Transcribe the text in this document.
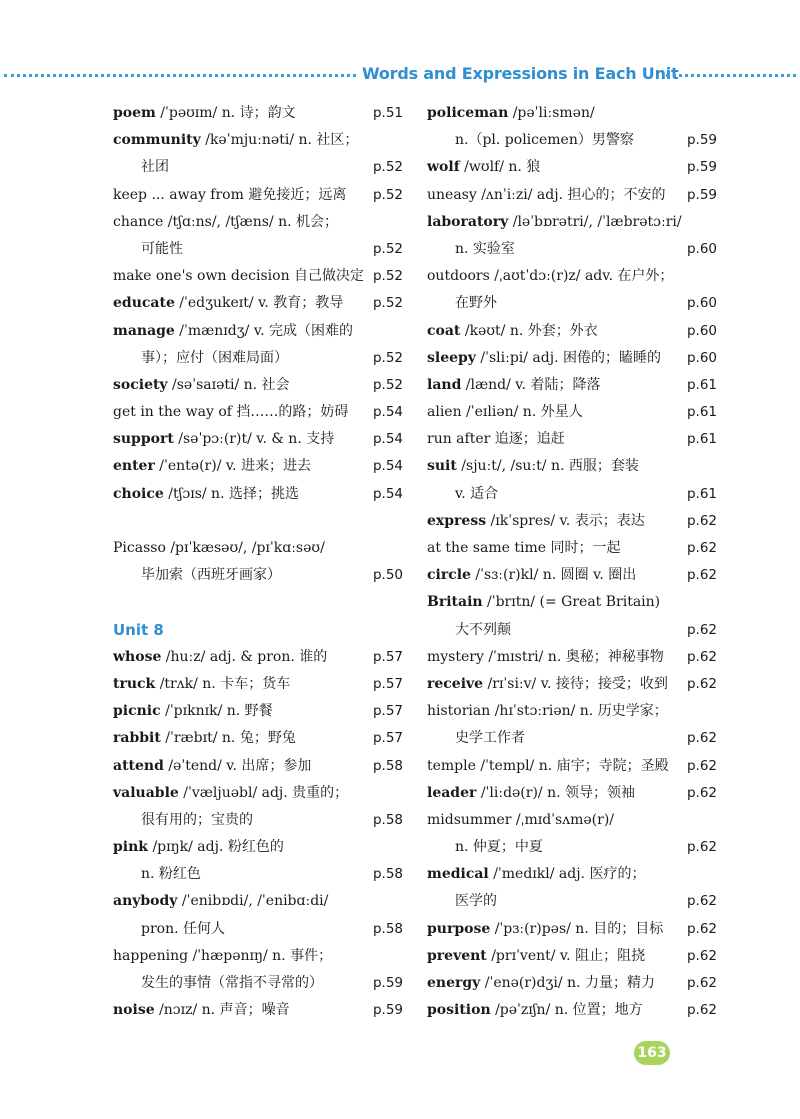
Words and Expressions in Each Unit
poem /ˈpəʊɪm/ n. 诗；韵文	p.51
community /kəˈmjuːnəti/ n. 社区；
社团	p.52
keep ... away from 避免接近；远离 p.52
chance /tʃɑːns/, /tʃæns/ n. 机会；
可能性	p.52
make one's own decision 自己做决定 p.52
educate /ˈedʒukeɪt/ v. 教育；教导 p.52
manage /ˈmænɪdʒ/ v. 完成（困难的
事）；应付（困难局面）	p.52
society /səˈsaɪəti/ n. 社会	p.52
get in the way of 挡……的路；妨碍 p.54
support /səˈpɔː(r)t/ v. & n. 支持	p.54
enter /ˈentə(r)/ v. 进来；进去	p.54
choice /tʃɔɪs/ n. 选择；挑选	p.54
Picasso /pɪˈkæsəʊ/, /pɪˈkɑːsəʊ/
毕加索（西班牙画家）	p.50
Unit 8
whose /huːz/ adj. & pron. 谁的	p.57
truck /trʌk/ n. 卡车；货车	p.57
picnic /ˈpɪknɪk/ n. 野餐	p.57
rabbit /ˈræbɪt/ n. 兔；野兔	p.57
attend /əˈtend/ v. 出席；参加	p.58
valuable /ˈvæljuəbl/ adj. 贵重的；
很有用的；宝贵的	p.58
pink /pɪŋk/ adj. 粉红色的
n. 粉红色	p.58
anybody /ˈenibɒdi/, /ˈenibɑːdi/
pron. 任何人	p.58
happening /ˈhæpənɪŋ/ n. 事件；
发生的事情（常指不寻常的）	p.59
noise /nɔɪz/ n. 声音；噪音	p.59
policeman /pəˈliːsmən/
n.（pl. policemen）男警察	p.59
wolf /wʊlf/ n. 狼	p.59
uneasy /ʌnˈiːzi/ adj. 担心的；不安的 p.59
laboratory /ləˈbɒrətri/, /ˈlæbrətɔːri/
n. 实验室	p.60
outdoors /ˌaʊtˈdɔː(r)z/ adv. 在户外；
在野外	p.60
coat /kəʊt/ n. 外套；外衣	p.60
sleepy /ˈsliːpi/ adj. 困倦的；瞌睡的 p.60
land /lænd/ v. 着陆；降落	p.61
alien /ˈeɪliən/ n. 外星人	p.61
run after 追逐；追赶	p.61
suit /sjuːt/, /suːt/ n. 西服；套装
v. 适合	p.61
express /ɪkˈspres/ v. 表示；表达	p.62
at the same time 同时；一起	p.62
circle /ˈsɜː(r)kl/ n. 圆圈 v. 圈出	p.62
Britain /ˈbrɪtn/ (= Great Britain)
大不列颠	p.62
mystery /ˈmɪstri/ n. 奥秘；神秘事物 p.62
receive /rɪˈsiːv/ v. 接待；接受；收到 p.62
historian /hɪˈstɔːriən/ n. 历史学家；
史学工作者	p.62
temple /ˈtempl/ n. 庙宇；寺院；圣殿 p.62
leader /ˈliːdə(r)/ n. 领导；领袖	p.62
midsummer /ˌmɪdˈsʌmə(r)/
n. 仲夏；中夏	p.62
medical /ˈmedɪkl/ adj. 医疗的；
医学的	p.62
purpose /ˈpɜː(r)pəs/ n. 目的；目标 p.62
prevent /prɪˈvent/ v. 阻止；阻挠	p.62
energy /ˈenə(r)dʒi/ n. 力量；精力 p.62
position /pəˈzɪʃn/ n. 位置；地方	p.62
163
